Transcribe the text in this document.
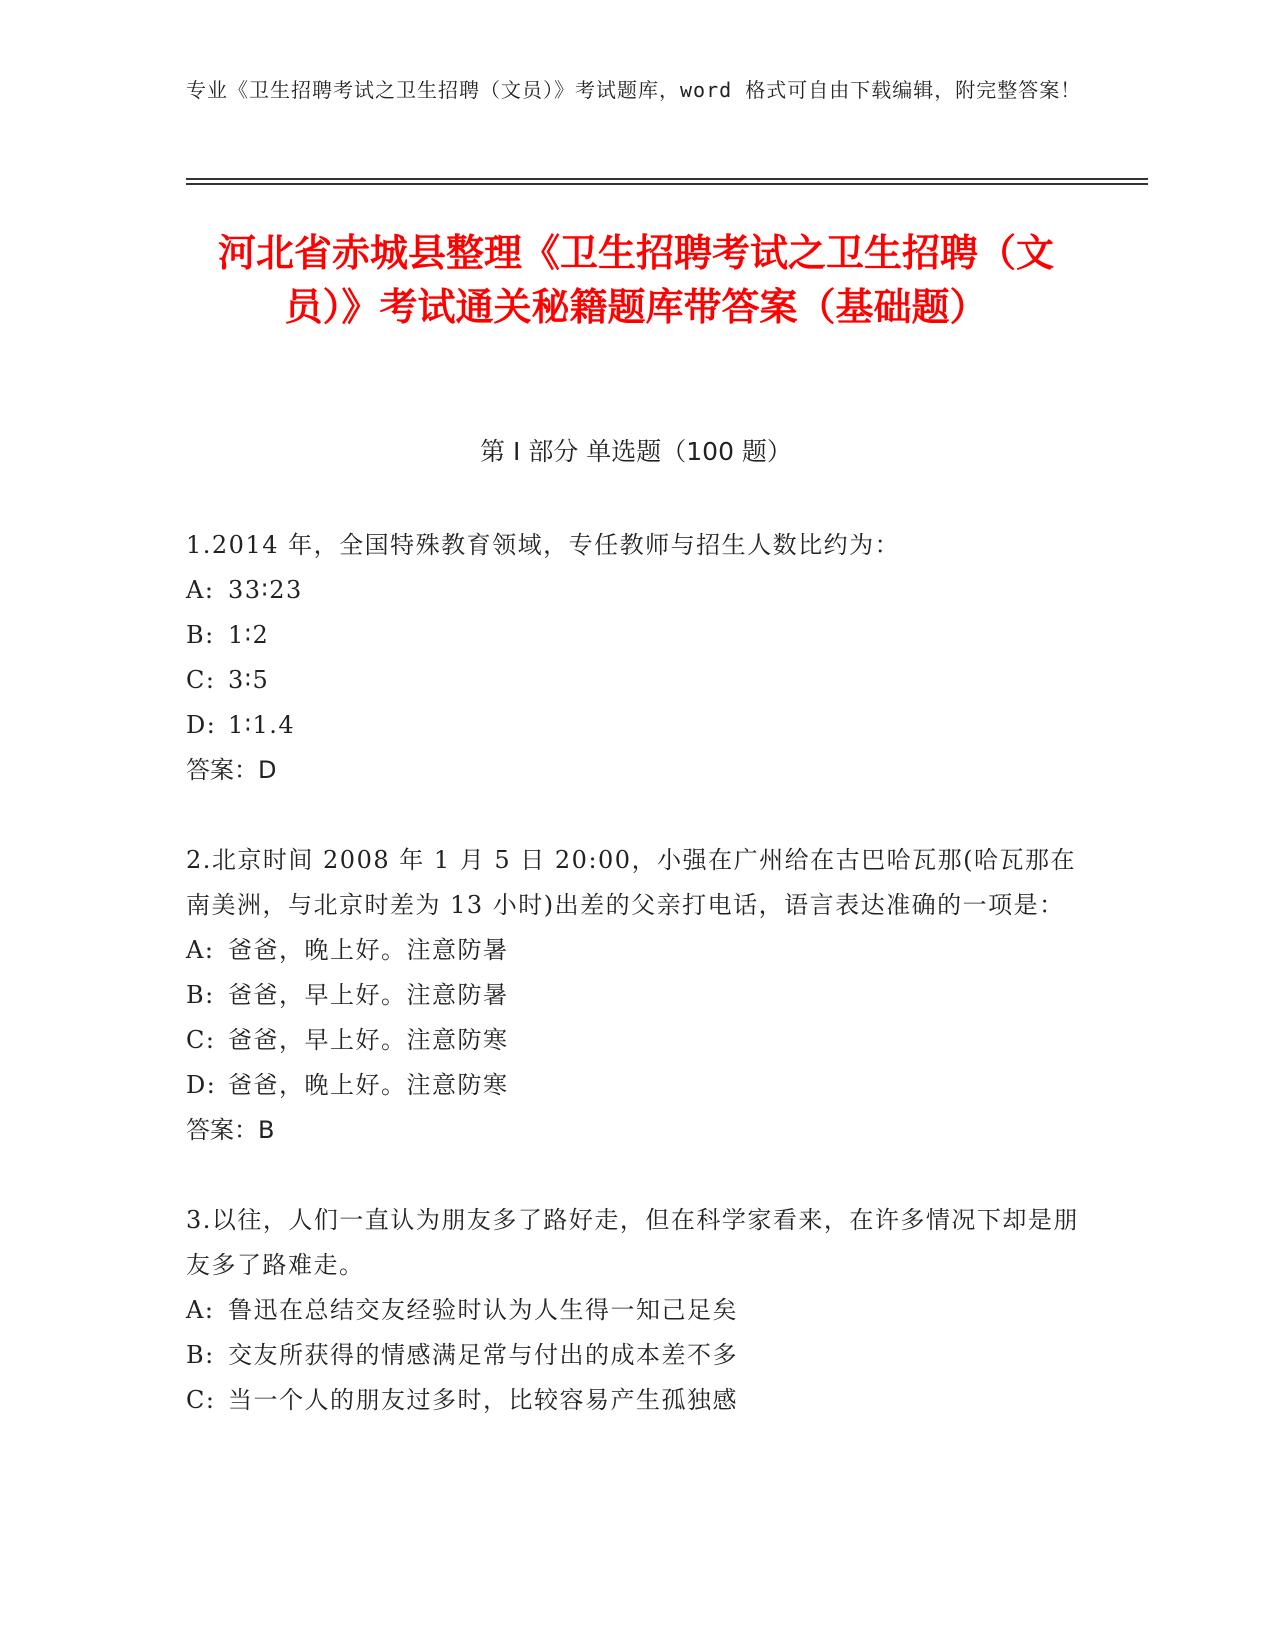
专业《卫生招聘考试之卫生招聘（文员）》考试题库，word 格式可自由下载编辑，附完整答案！
河北省赤城县整理《卫生招聘考试之卫生招聘（文员）》考试通关秘籍题库带答案（基础题）
第 I 部分 单选题（100 题）

1.2014 年，全国特殊教育领域，专任教师与招生人数比约为：

A: 33∶23

B: 1∶2

C: 3∶5

D: 1∶1.4

答案：D

2.北京时间 2008 年 1 月 5 日 20:00，小强在广州给在古巴哈瓦那(哈瓦那在南美洲，与北京时差为 13 小时)出差的父亲打电话，语言表达准确的一项是：

A: 爸爸，晚上好。注意防暑

B: 爸爸，早上好。注意防暑

C: 爸爸，早上好。注意防寒

D: 爸爸，晚上好。注意防寒

答案：B

3.以往，人们一直认为朋友多了路好走，但在科学家看来，在许多情况下却是朋友多了路难走。

A: 鲁迅在总结交友经验时认为人生得一知己足矣

B: 交友所获得的情感满足常与付出的成本差不多

C: 当一个人的朋友过多时，比较容易产生孤独感
